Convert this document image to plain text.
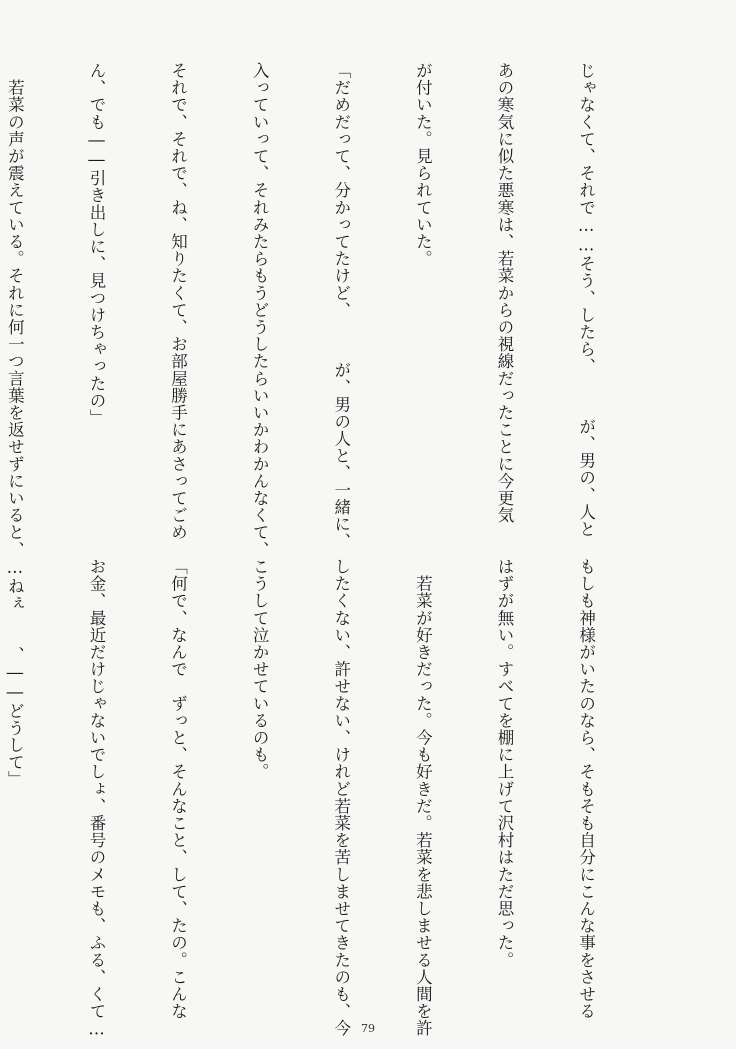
じゃなくて、それで……そう、したら、　　　が、男の、人と

あの寒気に似た悪寒は、若菜からの視線だったことに今更気

が付いた。見られていた。

「だめだって、分かってたけど、　　　が、男の人と、一緒に、

入っていって、それみたらもうどうしたらいいかわかんなくて、

それで、それで、ね、知りたくて、お部屋勝手にあさってごめ

ん、でも――引き出しに、見つけちゃったの」

　若菜の声が震えている。それに何一つ言葉を返せずにいると、

もしも神様がいたのなら、そもそも自分にこんな事をさせる

はずが無い。すべてを棚に上げて沢村はただ思った。

　若菜が好きだった。今も好きだ。若菜を悲しませる人間を許

したくない、許せない、けれど若菜を苦しませてきたのも、今

こうして泣かせているのも。

「何で、なんで　ずっと、そんなこと、して、たの。こんな

お金、最近だけじゃないでしょ、番号のメモも、ふる、くて…

…ねぇ　　、――どうして」

79
